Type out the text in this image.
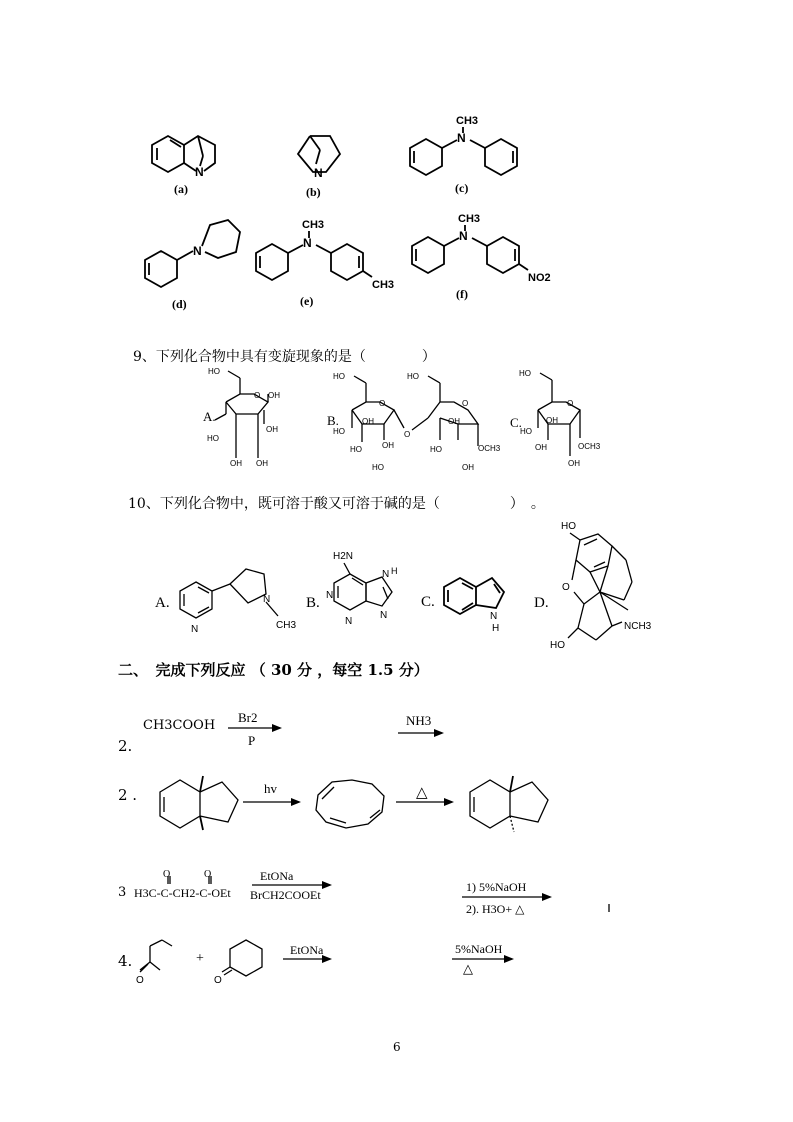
N
(a)
N
(b)
CH3
N
(c)
N
(d)
CH3
N
CH3
(e)
CH3
N
NO2
(f)
A.
O
HO
OH
HO
OH OH
OH
B.
O
HO
HO
OH
HO
HO
OH
O
O
HO
OH
HO
OH
OCH3
C.
O
HO
HO
OH
OH
OH
OCH3
A.
N
N
CH3
B.
H2N
N
N
N H
N
C.
N
H
D.
HO
O
NCH3
HO
Br2
P
NH3
hv	△
O	O
H3C-C-CH2-C-OEt
EtONa
BrCH2COOEt
1) 5%NaOH
2). H3O+ △
+
O	O
EtONa	5%NaOH
△
9、下列化合物中具有变旋现象的是（　　　　）
10、下列化合物中，既可溶于酸又可溶于碱的是（　　　　　）　。
二、　完成下列反应 （ 30 分 ，每空 1.5 分）
2.
CH3COOH
2 .
3
4.
6
